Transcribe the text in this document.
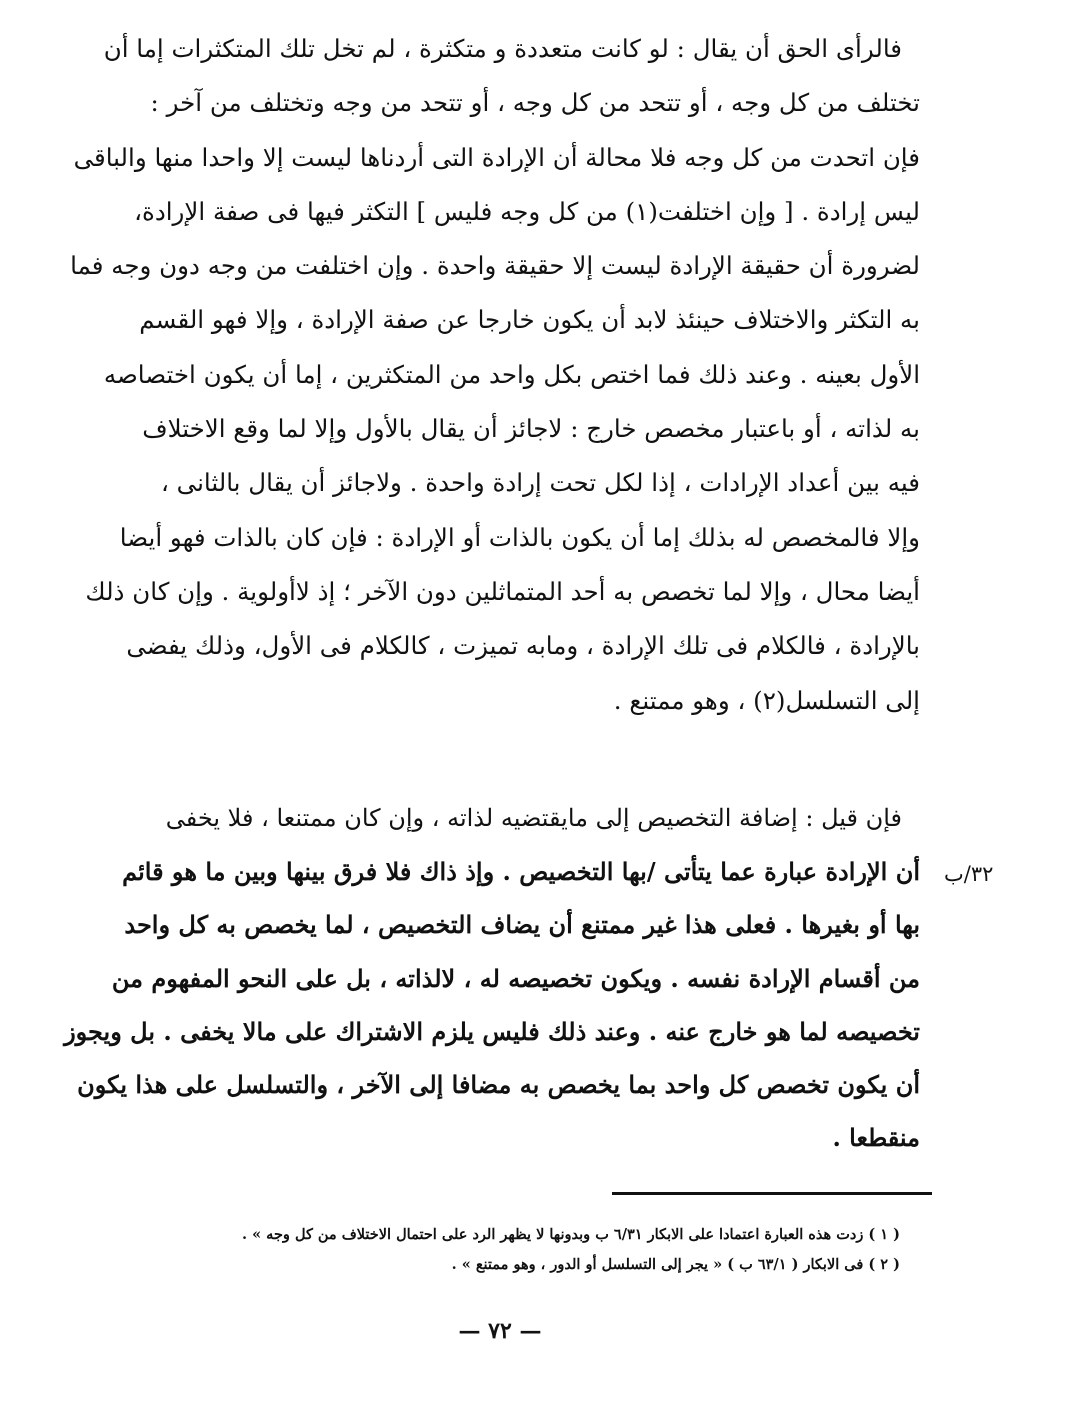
فالرأى الحق أن يقال : لو كانت متعددة و متكثرة ، لم تخل تلك المتكثرات إما أن
تختلف من كل وجه ، أو تتحد من كل وجه ، أو تتحد من وجه وتختلف من آخر :
فإن اتحدت من كل وجه فلا محالة أن الإرادة التى أردناها ليست إلا واحدا منها والباقى
ليس إرادة . [ وإن اختلفت(١) من كل وجه فليس ] التكثر فيها فى صفة الإرادة،
لضرورة أن حقيقة الإرادة ليست إلا حقيقة واحدة . وإن اختلفت من وجه دون وجه فما
به التكثر والاختلاف حينئذ لابد أن يكون خارجا عن صفة الإرادة ، وإلا فهو القسم
الأول بعينه . وعند ذلك فما اختص بكل واحد من المتكثرين ، إما أن يكون اختصاصه
به لذاته ، أو باعتبار مخصص خارج : لاجائز أن يقال بالأول وإلا لما وقع الاختلاف
فيه بين أعداد الإرادات ، إذا لكل تحت إرادة واحدة . ولاجائز أن يقال بالثانى ،
وإلا فالمخصص له بذلك إما أن يكون بالذات أو الإرادة : فإن كان بالذات فهو أيضا
أيضا محال ، وإلا لما تخصص به أحد المتماثلين دون الآخر ؛ إذ لاأولوية . وإن كان ذلك
بالإرادة ، فالكلام فى تلك الإرادة ، ومابه تميزت ، كالكلام فى الأول، وذلك يفضى
إلى التسلسل(٢) ، وهو ممتنع .
فإن قيل : إضافة التخصيص إلى مايقتضيه لذاته ، وإن كان ممتنعا ، فلا يخفى
أن الإرادة عبارة عما يتأتى /بها التخصيص . وإذ ذاك فلا فرق بينها وبين ما هو قائم
بها أو بغيرها . فعلى هذا غير ممتنع أن يضاف التخصيص ، لما يخصص به كل واحد
من أقسام الإرادة نفسه . ويكون تخصيصه له ، لالذاته ، بل على النحو المفهوم من
تخصيصه لما هو خارج عنه . وعند ذلك فليس يلزم الاشتراك على مالا يخفى . بل ويجوز
أن يكون تخصص كل واحد بما يخصص به مضافا إلى الآخر ، والتسلسل على هذا يكون
منقطعا .
٣٢/ب
( ١ ) زدت هذه العبارة اعتمادا على الابكار ٦/٣١ ب وبدونها لا يظهر الرد على احتمال الاختلاف من كل وجه » .
( ٢ ) فى الابكار ( ٦٣/١ ب ) « يجر إلى التسلسل أو الدور ، وهو ممتنع » .
— ٧٢ —
